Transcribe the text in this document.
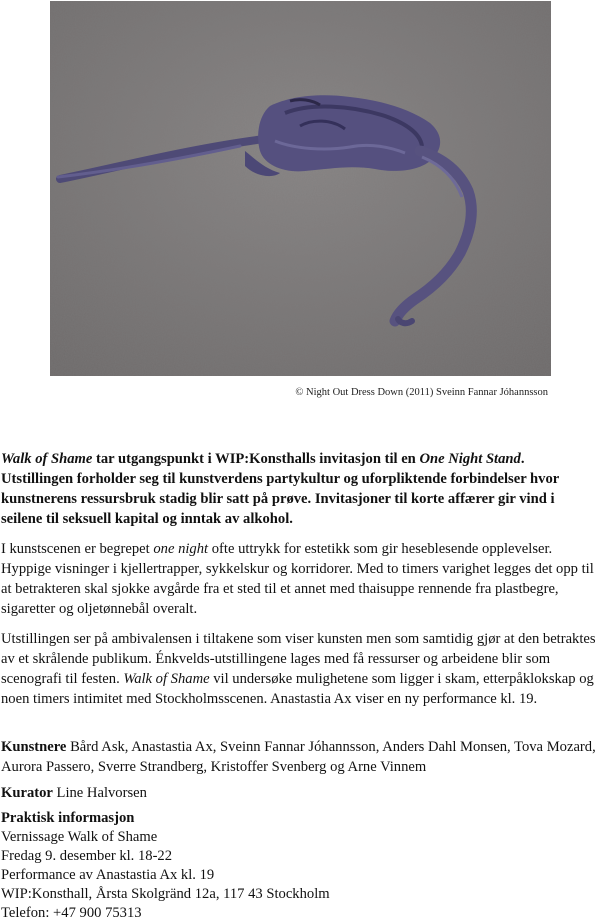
© Night Out Dress Down (2011) Sveinn Fannar Jóhannsson

Walk of Shame tar utgangspunkt i WIP:Konsthalls invitasjon til en One Night Stand. Utstillingen forholder seg til kunstverdens partykultur og uforpliktende forbindelser hvor kunstnerens ressursbruk stadig blir satt på prøve. Invitasjoner til korte affærer gir vind i seilene til seksuell kapital og inntak av alkohol.

I kunstscenen er begrepet one night ofte uttrykk for estetikk som gir heseblesende opplevelser. Hyppige visninger i kjellertrapper, sykkelskur og korridorer. Med to timers varighet legges det opp til at betrakteren skal sjokke avgårde fra et sted til et annet med thaisuppe rennende fra plastbegre, sigaretter og oljetønnebål overalt.

Utstillingen ser på ambivalensen i tiltakene som viser kunsten men som samtidig gjør at den betraktes av et skrålende publikum. Énkvelds-utstillingene lages med få ressurser og arbeidene blir som scenografi til festen. Walk of Shame vil undersøke mulighetene som ligger i skam, etterpåklokskap og noen timers intimitet med Stockholmsscenen. Anastastia Ax viser en ny performance kl. 19.

Kunstnere Bård Ask, Anastastia Ax, Sveinn Fannar Jóhannsson, Anders Dahl Monsen, Tova Mozard, Aurora Passero, Sverre Strandberg, Kristoffer Svenberg og Arne Vinnem

Kurator Line Halvorsen

Praktisk informasjon
Vernissage Walk of Shame
Fredag 9. desember kl. 18-22
Performance av Anastastia Ax kl. 19
WIP:Konsthall, Årsta Skolgränd 12a, 117 43 Stockholm
Telefon: +47 900 75313
